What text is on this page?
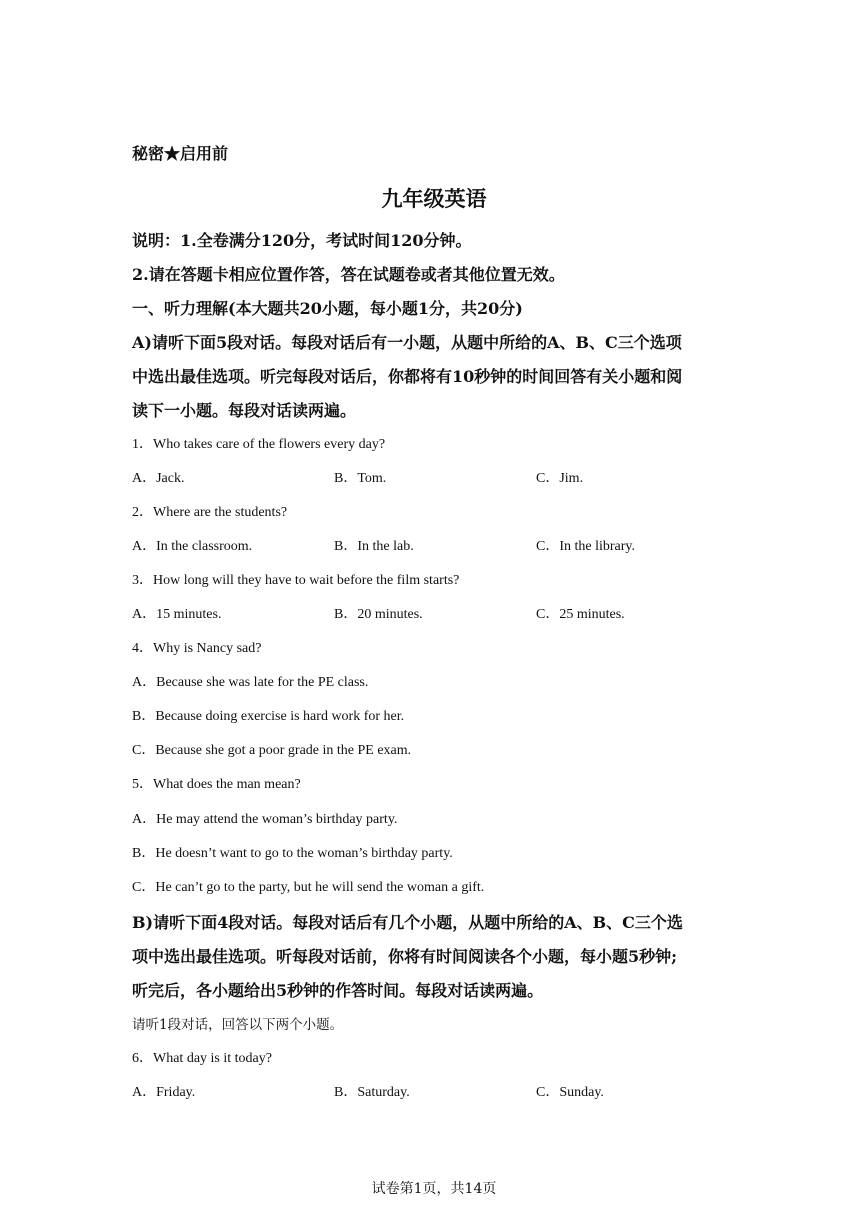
秘密★启用前
九年级英语
说明：1.全卷满分120分，考试时间120分钟。
2.请在答题卡相应位置作答，答在试题卷或者其他位置无效。
一、听力理解(本大题共20小题，每小题1分，共20分)
A)请听下面5段对话。每段对话后有一小题，从题中所给的A、B、C三个选项
中选出最佳选项。听完每段对话后，你都将有10秒钟的时间回答有关小题和阅
读下一小题。每段对话读两遍。
1．Who takes care of the flowers every day?
A．Jack.	B．Tom.	C．Jim.
2．Where are the students?
A．In the classroom.	B．In the lab.	C．In the library.
3．How long will they have to wait before the film starts?
A．15 minutes.	B．20 minutes.	C．25 minutes.
4．Why is Nancy sad?
A．Because she was late for the PE class.
B．Because doing exercise is hard work for her.
C．Because she got a poor grade in the PE exam.
5．What does the man mean?
A．He may attend the woman’s birthday party.
B．He doesn’t want to go to the woman’s birthday party.
C．He can’t go to the party, but he will send the woman a gift.
B)请听下面4段对话。每段对话后有几个小题，从题中所给的A、B、C三个选
项中选出最佳选项。听每段对话前，你将有时间阅读各个小题，每小题5秒钟;
听完后，各小题给出5秒钟的作答时间。每段对话读两遍。
请听1段对话，回答以下两个小题。
6．What day is it today?
A．Friday.	B．Saturday.	C．Sunday.
试卷第1页，共14页
